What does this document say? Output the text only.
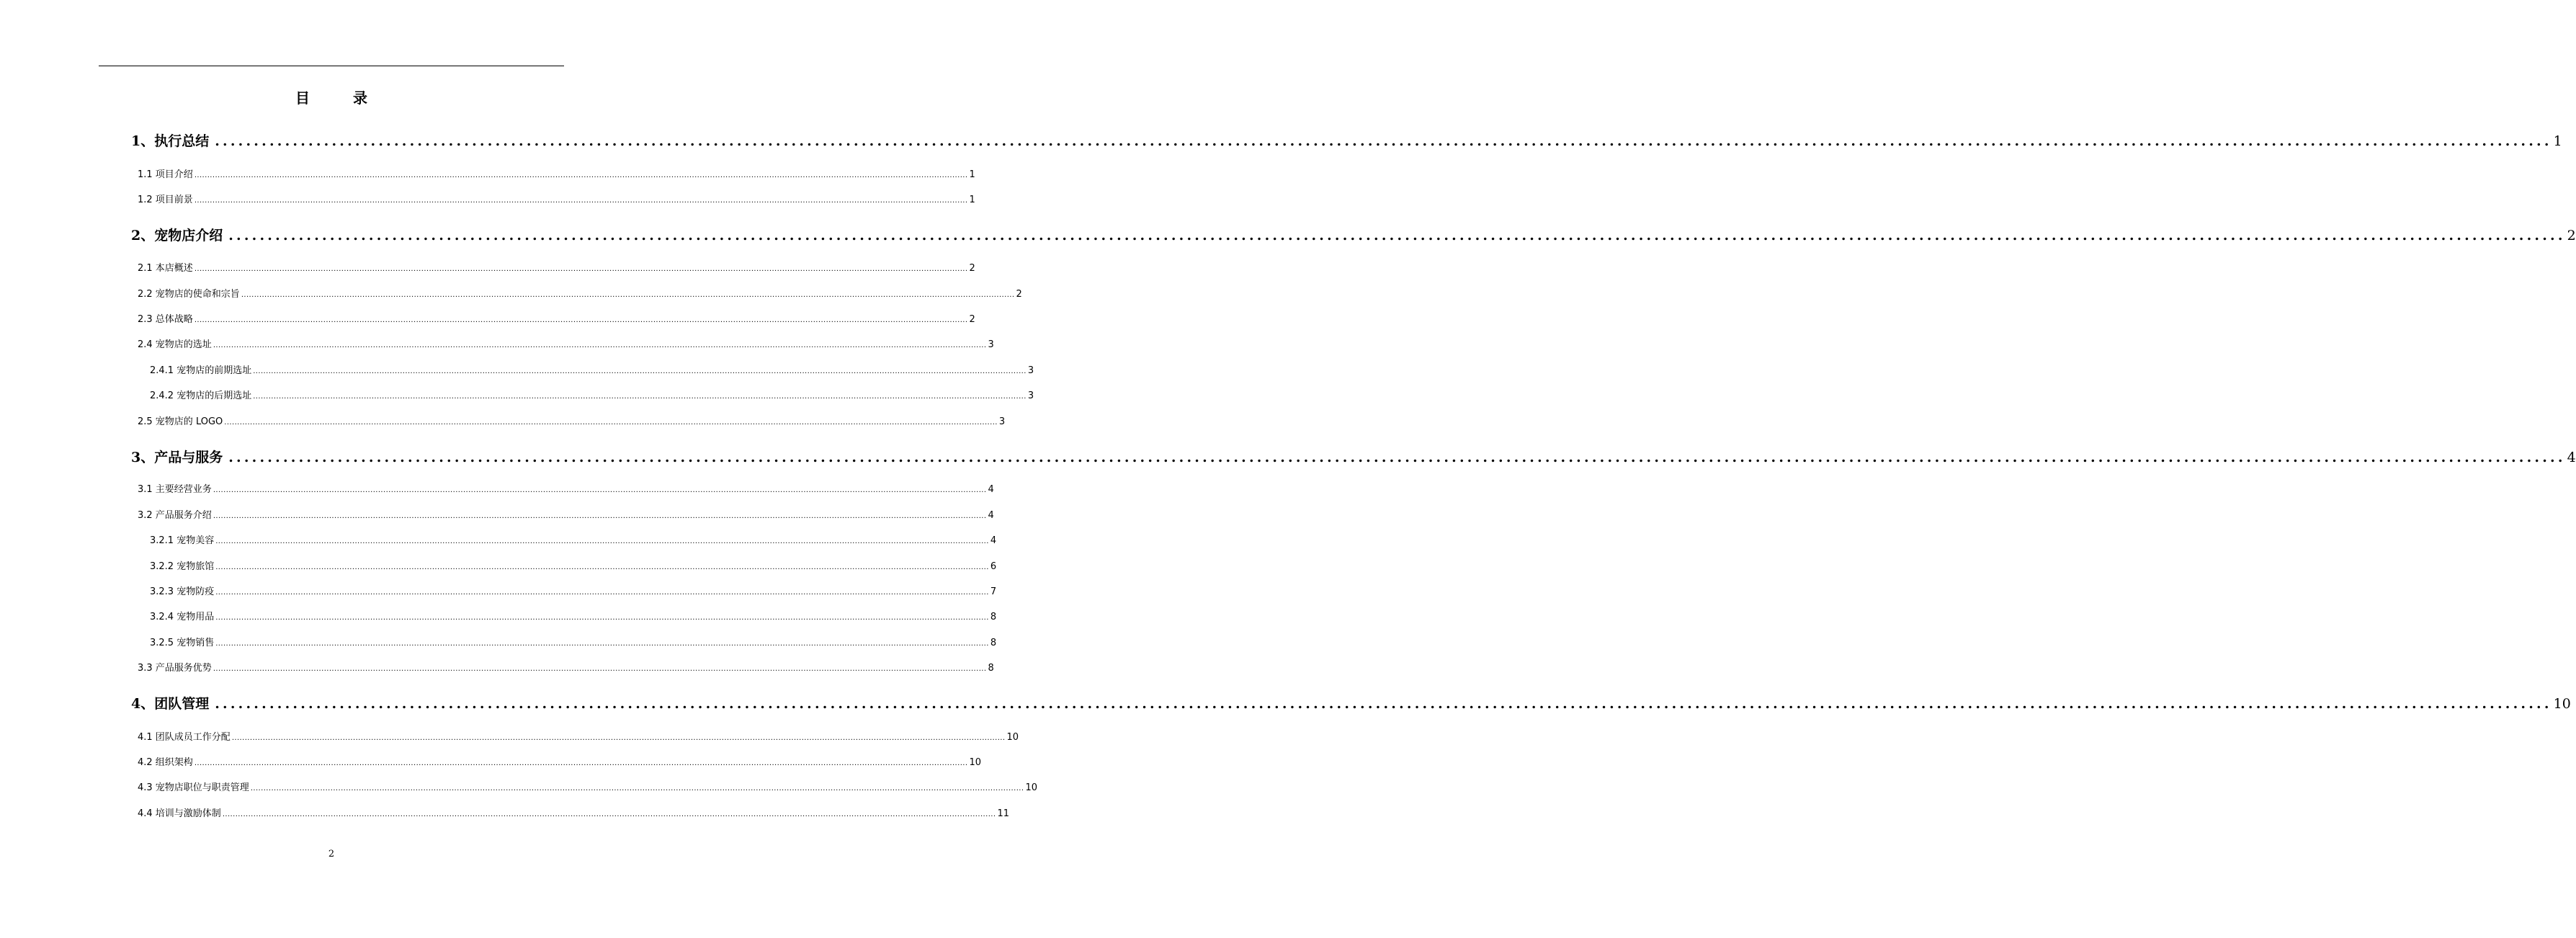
目　录
1、执行总结 ............................................................................................................................................................................................................................................................................................................ 1
1.1 项目介绍 ............................................................................................................................................................................................................................................................................................................ 1
1.2 项目前景 ............................................................................................................................................................................................................................................................................................................ 1
2、宠物店介绍 ............................................................................................................................................................................................................................................................................................................ 2
2.1 本店概述 ............................................................................................................................................................................................................................................................................................................ 2
2.2 宠物店的使命和宗旨 ............................................................................................................................................................................................................................................................................................................ 2
2.3 总体战略 ............................................................................................................................................................................................................................................................................................................ 2
2.4 宠物店的选址 ............................................................................................................................................................................................................................................................................................................ 3
2.4.1 宠物店的前期选址 ............................................................................................................................................................................................................................................................................................................ 3
2.4.2 宠物店的后期选址 ............................................................................................................................................................................................................................................................................................................ 3
2.5 宠物店的 LOGO ............................................................................................................................................................................................................................................................................................................ 3
3、产品与服务 ............................................................................................................................................................................................................................................................................................................ 4
3.1 主要经营业务 ............................................................................................................................................................................................................................................................................................................ 4
3.2 产品服务介绍 ............................................................................................................................................................................................................................................................................................................ 4
3.2.1 宠物美容 ............................................................................................................................................................................................................................................................................................................ 4
3.2.2 宠物旅馆 ............................................................................................................................................................................................................................................................................................................ 6
3.2.3 宠物防疫 ............................................................................................................................................................................................................................................................................................................ 7
3.2.4 宠物用品 ............................................................................................................................................................................................................................................................................................................ 8
3.2.5 宠物销售 ............................................................................................................................................................................................................................................................................................................ 8
3.3 产品服务优势 ............................................................................................................................................................................................................................................................................................................ 8
4、团队管理 ............................................................................................................................................................................................................................................................................................................ 10
4.1 团队成员工作分配 ............................................................................................................................................................................................................................................................................................................ 10
4.2 组织架构 ............................................................................................................................................................................................................................................................................................................ 10
4.3 宠物店职位与职责管理 ............................................................................................................................................................................................................................................................................................................ 10
4.4 培训与激励体制 ............................................................................................................................................................................................................................................................................................................ 11
2
